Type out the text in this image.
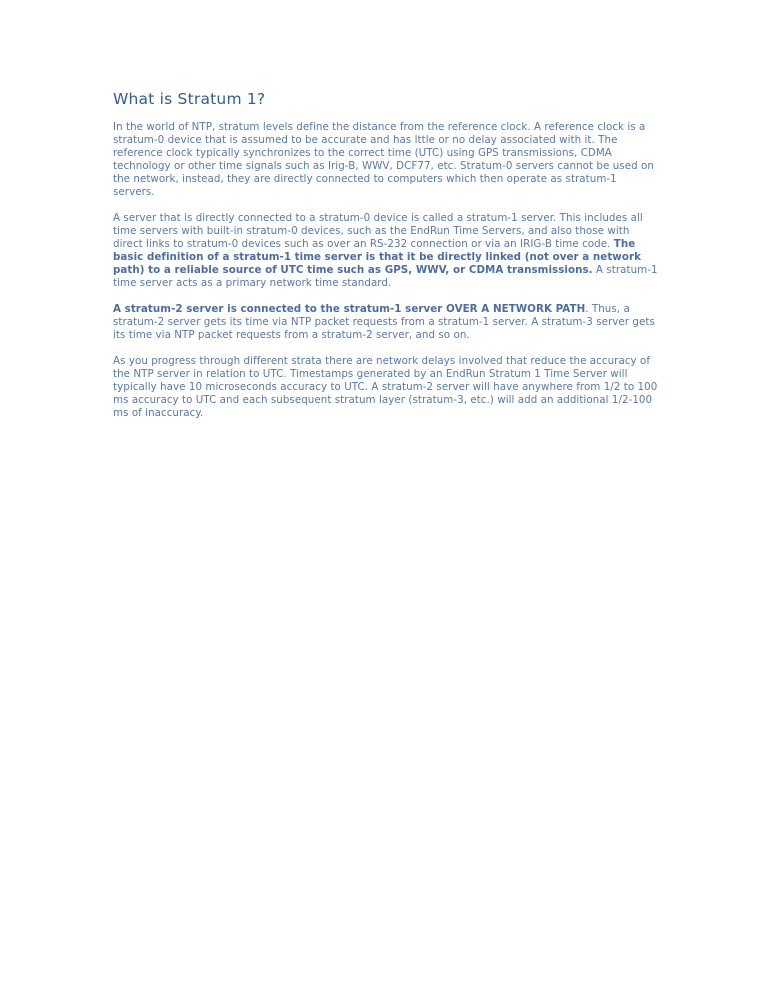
What is Stratum 1?

In the world of NTP, stratum levels define the distance from the reference clock. A reference clock is a stratum-0 device that is assumed to be accurate and has lttle or no delay associated with it. The reference clock typically synchronizes to the correct time (UTC) using GPS transmissions, CDMA technology or other time signals such as Irig-B, WWV, DCF77, etc. Stratum-0 servers cannot be used on the network, instead, they are directly connected to computers which then operate as stratum-1 servers.

A server that is directly connected to a stratum-0 device is called a stratum-1 server. This includes all time servers with built-in stratum-0 devices, such as the EndRun Time Servers, and also those with direct links to stratum-0 devices such as over an RS-232 connection or via an IRIG-B time code. The basic definition of a stratum-1 time server is that it be directly linked (not over a network path) to a reliable source of UTC time such as GPS, WWV, or CDMA transmissions. A stratum-1 time server acts as a primary network time standard.

A stratum-2 server is connected to the stratum-1 server OVER A NETWORK PATH. Thus, a stratum-2 server gets its time via NTP packet requests from a stratum-1 server. A stratum-3 server gets its time via NTP packet requests from a stratum-2 server, and so on.

As you progress through different strata there are network delays involved that reduce the accuracy of the NTP server in relation to UTC. Timestamps generated by an EndRun Stratum 1 Time Server will typically have 10 microseconds accuracy to UTC. A stratum-2 server will have anywhere from 1/2 to 100 ms accuracy to UTC and each subsequent stratum layer (stratum-3, etc.) will add an additional 1/2-100 ms of inaccuracy.
